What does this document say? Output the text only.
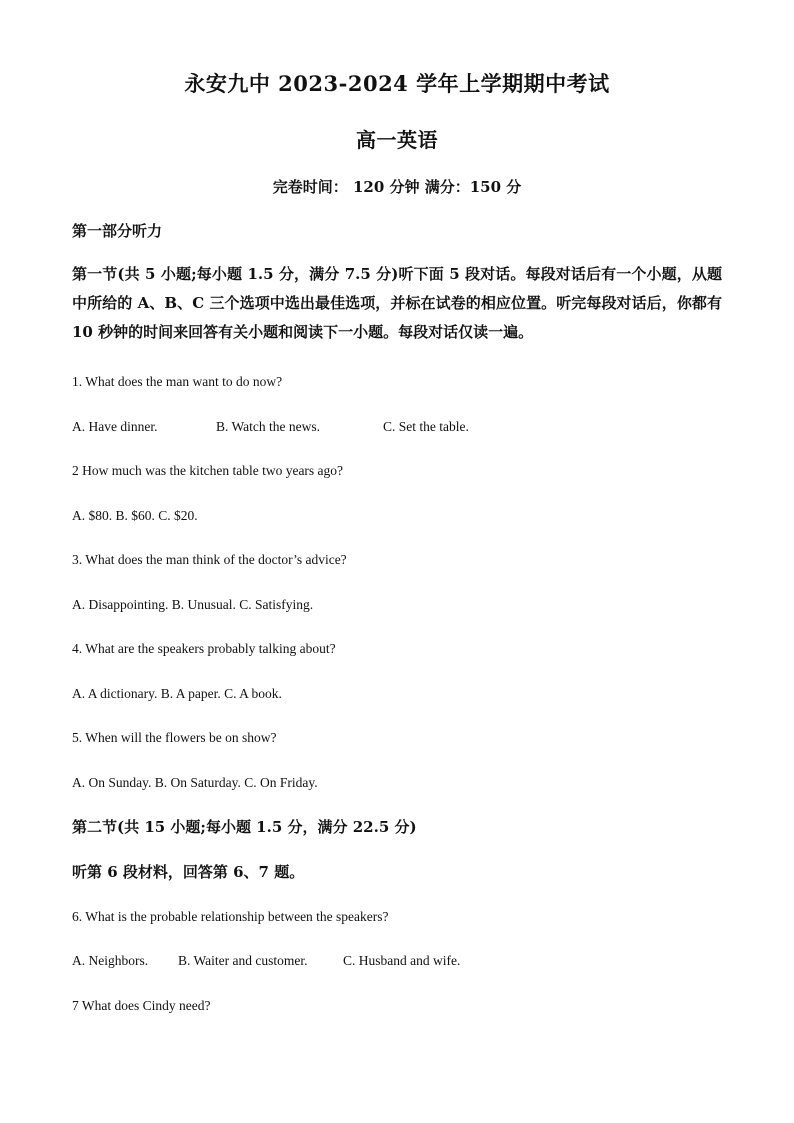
永安九中 2023-2024 学年上学期期中考试
高一英语
完卷时间： 120 分钟 满分：150 分
第一部分听力
第一节(共 5 小题;每小题 1.5 分，满分 7.5 分)听下面 5 段对话。每段对话后有一个小题，从题中所给的 A、B、C 三个选项中选出最佳选项，并标在试卷的相应位置。听完每段对话后，你都有 10 秒钟的时间来回答有关小题和阅读下一小题。每段对话仅读一遍。
1. What does the man want to do now?
A. Have dinner.	B. Watch the news.	C. Set the table.
2 How much was the kitchen table two years ago?
A. $80. B. $60. C. $20.
3. What does the man think of the doctor’s advice?
A. Disappointing. B. Unusual. C. Satisfying.
4. What are the speakers probably talking about?
A. A dictionary. B. A paper. C. A book.
5. When will the flowers be on show?
A. On Sunday. B. On Saturday. C. On Friday.
第二节(共 15 小题;每小题 1.5 分，满分 22.5 分)
听第 6 段材料，回答第 6、7 题。
6. What is the probable relationship between the speakers?
A. Neighbors. B. Waiter and customer.	C. Husband and wife.
7 What does Cindy need?
